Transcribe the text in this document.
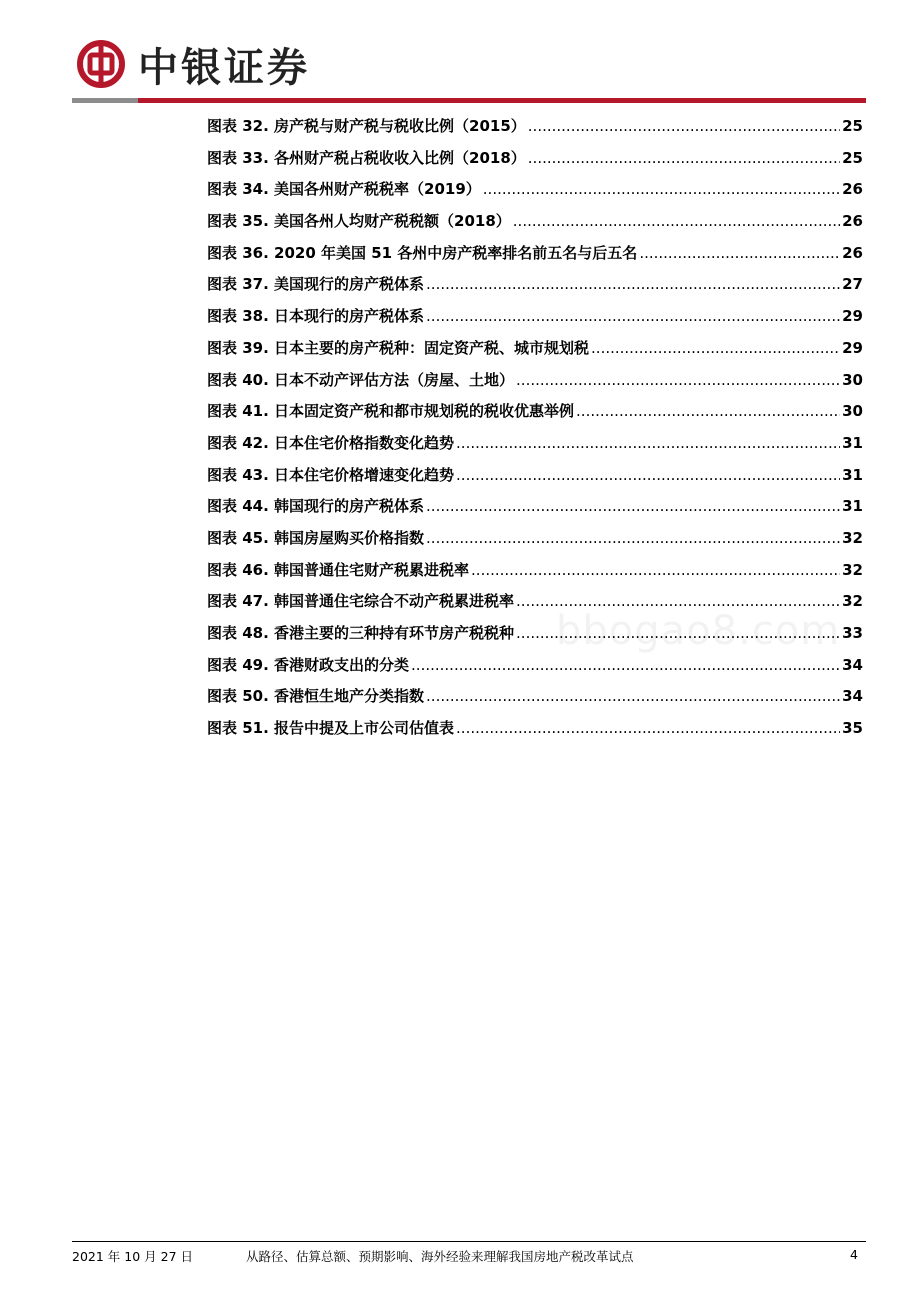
中银证券
图表 32. 房产税与财产税与税收比例（2015） .....	25
图表 33. 各州财产税占税收收入比例（2018） .....	25
图表 34. 美国各州财产税税率（2019） .....	26
图表 35. 美国各州人均财产税税额（2018） .....	26
图表 36. 2020 年美国 51 各州中房产税率排名前五名与后五名 .....	26
图表 37. 美国现行的房产税体系 .....	27
图表 38. 日本现行的房产税体系 .....	29
图表 39. 日本主要的房产税种：固定资产税、城市规划税 .....	29
图表 40. 日本不动产评估方法（房屋、土地） .....	30
图表 41. 日本固定资产税和都市规划税的税收优惠举例 .....	30
图表 42. 日本住宅价格指数变化趋势 .....	31
图表 43. 日本住宅价格增速变化趋势 .....	31
图表 44. 韩国现行的房产税体系 .....	31
图表 45. 韩国房屋购买价格指数 .....	32
图表 46. 韩国普通住宅财产税累进税率 .....	32
图表 47. 韩国普通住宅综合不动产税累进税率 .....	32
图表 48. 香港主要的三种持有环节房产税税种 .....	33
图表 49. 香港财政支出的分类 .....	34
图表 50. 香港恒生地产分类指数 .....	34
图表 51. 报告中提及上市公司估值表 .....	35
bbogao8.com
2021 年 10 月 27 日	从路径、估算总额、预期影响、海外经验来理解我国房地产税改革试点	4
